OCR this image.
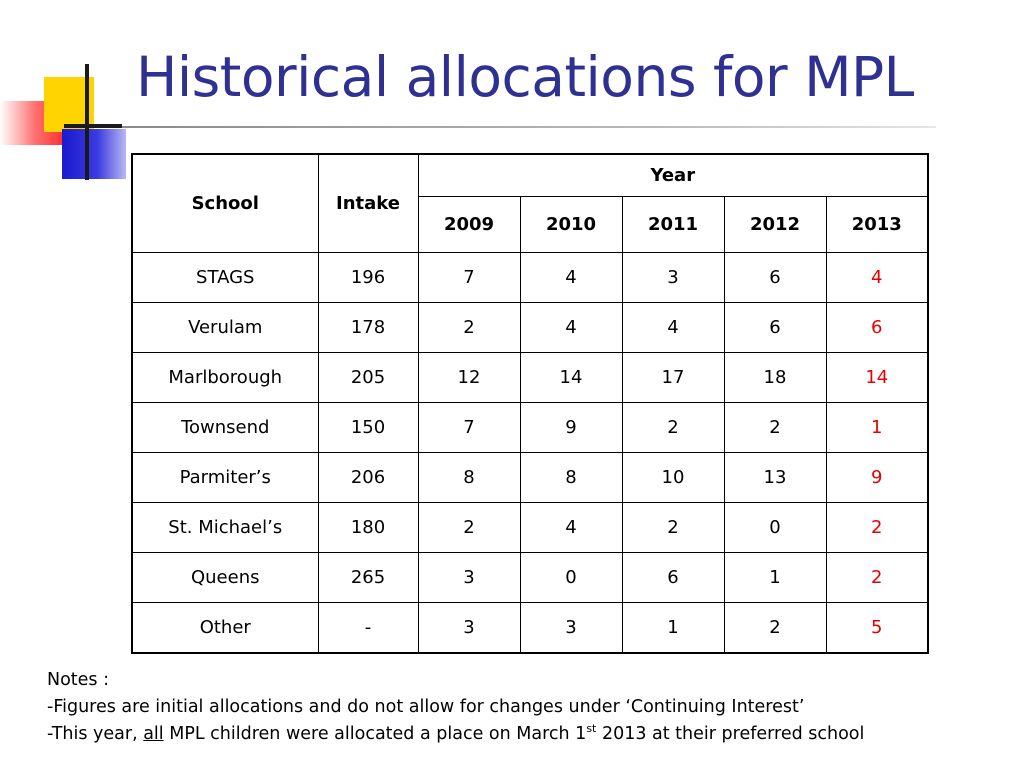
Historical allocations for MPL
School	Intake	Year				
		2009	2010	2011	2012	2013
STAGS	196	7	4	3	6	4
Verulam	178	2	4	4	6	6
Marlborough	205	12	14	17	18	14
Townsend	150	7	9	2	2	1
Parmiter’s	206	8	8	10	13	9
St. Michael’s	180	2	4	2	0	2
Queens	265	3	0	6	1	2
Other	-	3	3	1	2	5
Notes :
-Figures are initial allocations and do not allow for changes under ‘Continuing Interest’
-This year, all MPL children were allocated a place on March 1st 2013 at their preferred school
